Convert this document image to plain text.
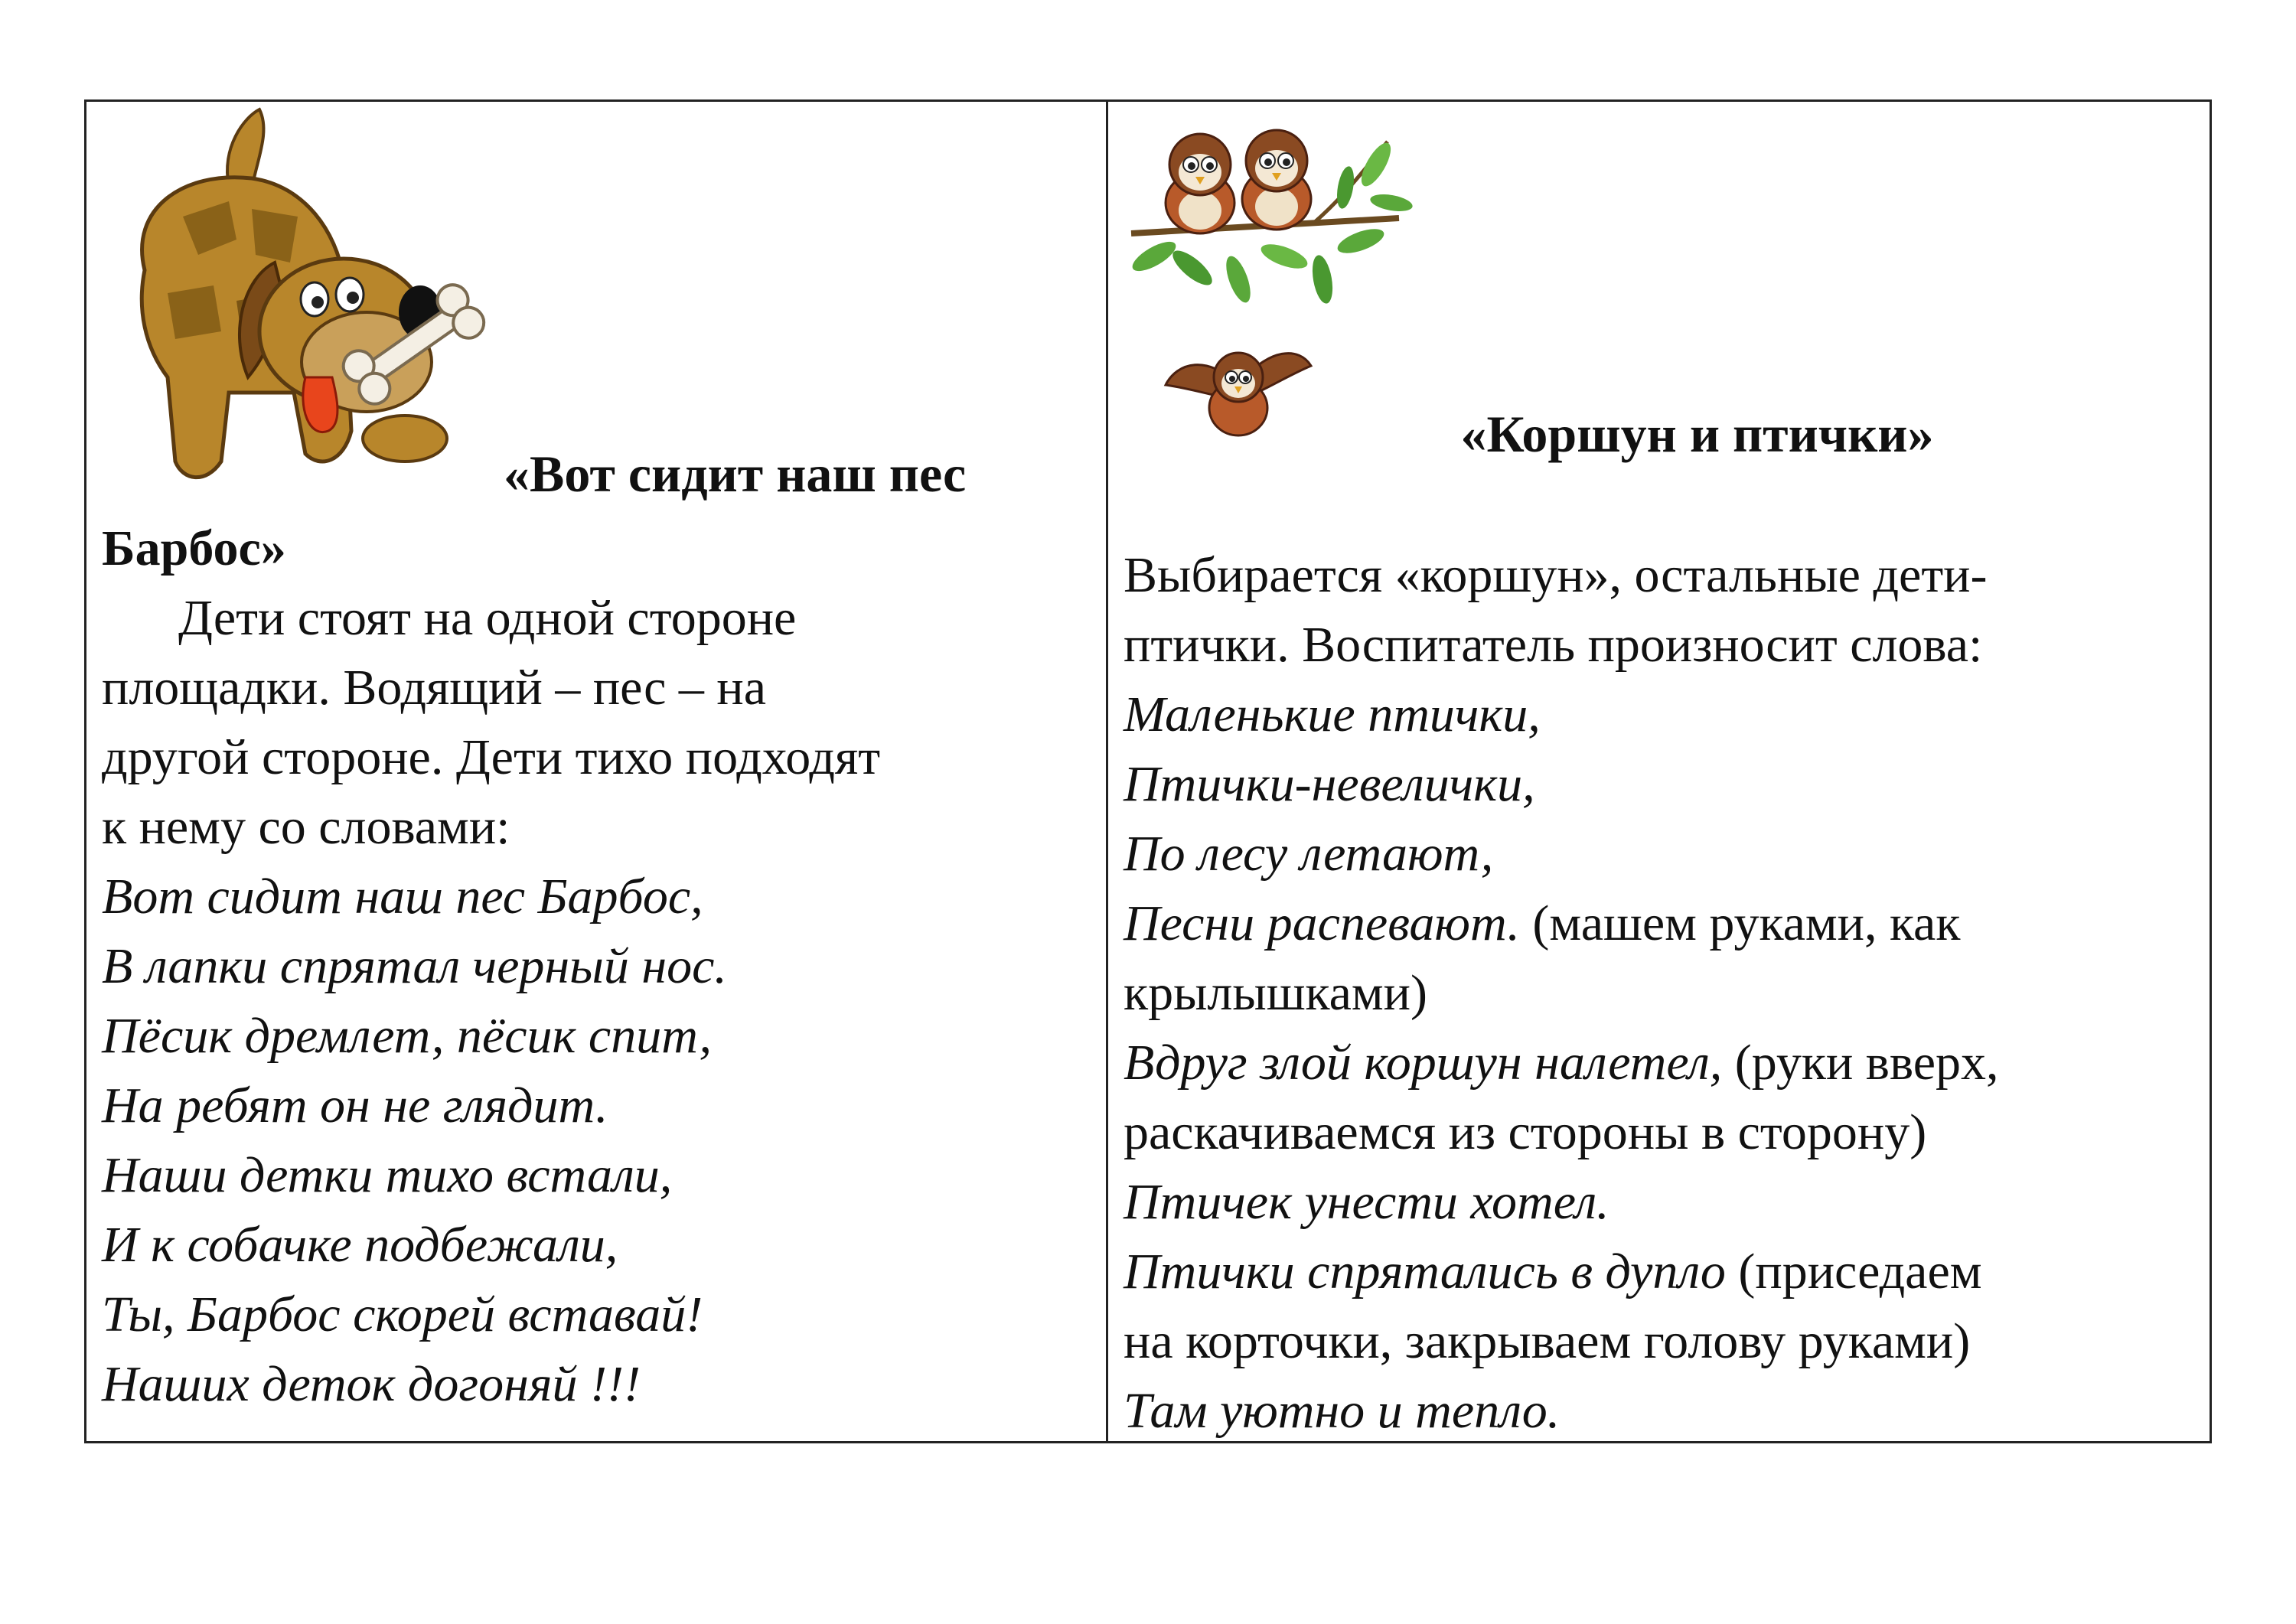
«Вот сидит наш пес

Барбос»

Дети стоят на одной стороне

площадки. Водящий – пес – на

другой стороне. Дети тихо подходят

к нему со словами:

Вот сидит наш пес Барбос,

В лапки спрятал черный нос.

Пёсик дремлет, пёсик спит,

На ребят он не глядит.

Наши детки тихо встали,

И к собачке подбежали,

Ты, Барбос скорей вставай!

Наших деток догоняй !!!

«Коршун и птички»

Выбирается «коршун», остальные дети-

птички. Воспитатель произносит слова:

Маленькие птички,

Птички-невелички,

По лесу летают,

Песни распевают. (машем руками, как

крылышками)

Вдруг злой коршун налетел, (руки вверх,

раскачиваемся из стороны в сторону)

Птичек унести хотел.

Птички спрятались в дупло (приседаем

на корточки, закрываем голову руками)

Там уютно и тепло.
